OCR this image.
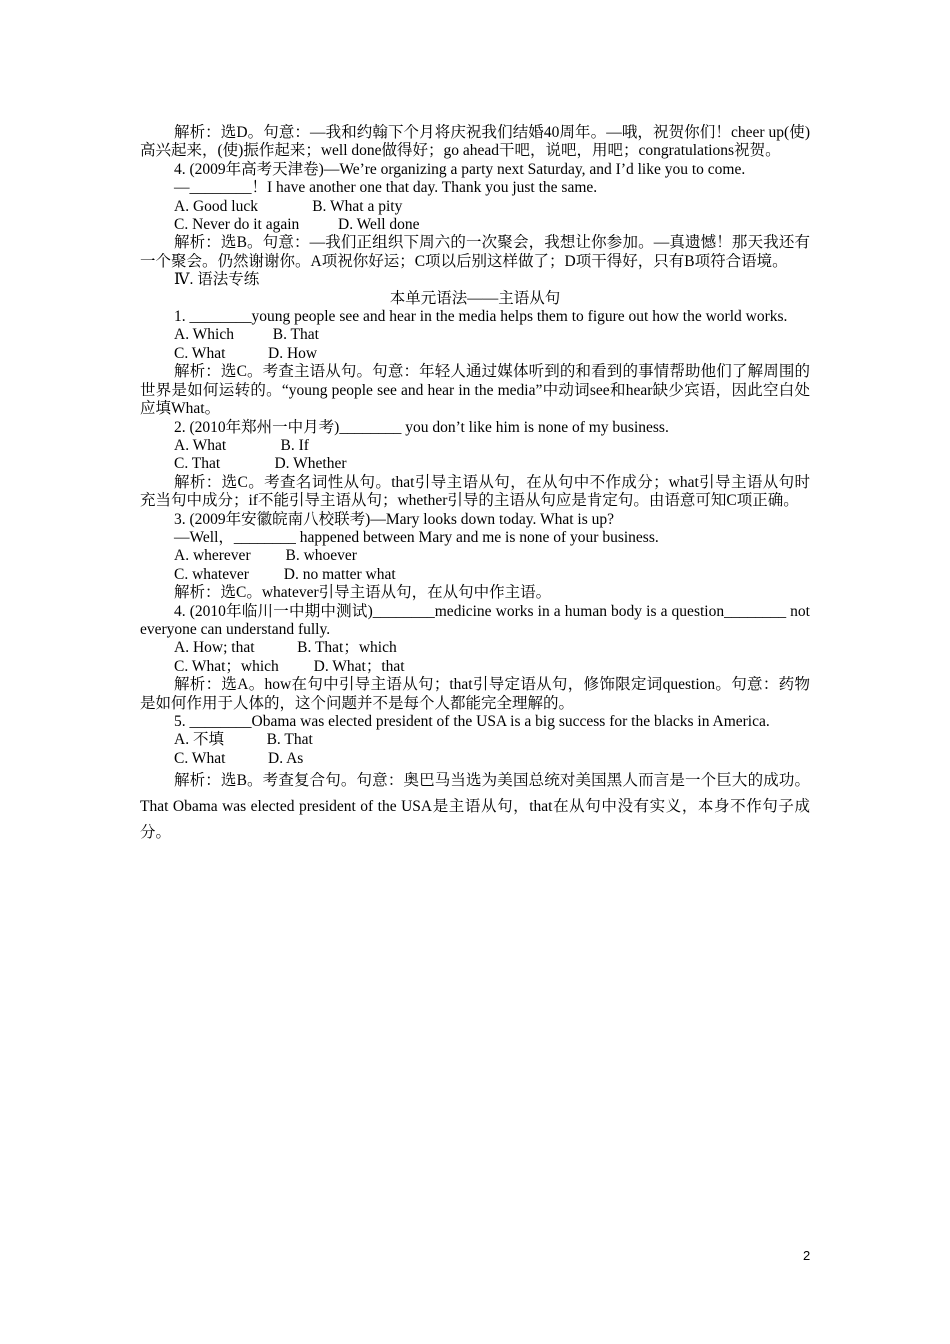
解析：选D。句意：—我和约翰下个月将庆祝我们结婚40周年。—哦，祝贺你们！cheer up(使)高兴起来，(使)振作起来；well done做得好；go ahead干吧，说吧，用吧；congratulations祝贺。

4. (2009年高考天津卷)—We’re organizing a party next Saturday, and I’d like you to come.

—________！I have another one that day. Thank you just the same.

A. Good luck              B. What a pity

C. Never do it again          D. Well done

解析：选B。句意：—我们正组织下周六的一次聚会，我想让你参加。—真遗憾！那天我还有一个聚会。仍然谢谢你。A项祝你好运；C项以后别这样做了；D项干得好，只有B项符合语境。

Ⅳ. 语法专练

本单元语法——主语从句

1. ________young people see and hear in the media helps them to figure out how the world works.

A. Which          B. That

C. What           D. How

解析：选C。考查主语从句。句意：年轻人通过媒体听到的和看到的事情帮助他们了解周围的世界是如何运转的。“young people see and hear in the media”中动词see和hear缺少宾语，因此空白处应填What。

2. (2010年郑州一中月考)________ you don’t like him is none of my business.

A. What              B. If

C. That              D. Whether

解析：选C。考查名词性从句。that引导主语从句，在从句中不作成分；what引导主语从句时充当句中成分；if不能引导主语从句；whether引导的主语从句应是肯定句。由语意可知C项正确。

3. (2009年安徽皖南八校联考)—Mary looks down today. What is up?

—Well，________ happened between Mary and me is none of your business.

A. wherever         B. whoever

C. whatever         D. no matter what

解析：选C。whatever引导主语从句，在从句中作主语。

4. (2010年临川一中期中测试)________medicine works in a human body is a question________ not everyone can understand fully.

A. How; that           B. That；which

C. What；which         D. What；that

解析：选A。how在句中引导主语从句；that引导定语从句，修饰限定词question。句意：药物是如何作用于人体的，这个问题并不是每个人都能完全理解的。

5. ________Obama was elected president of the USA is a big success for the blacks in America.

A. 不填           B. That

C. What           D. As

解析：选B。考查复合句。句意：奥巴马当选为美国总统对美国黑人而言是一个巨大的成功。That Obama was elected president of the USA是主语从句，that在从句中没有实义，本身不作句子成分。

2
